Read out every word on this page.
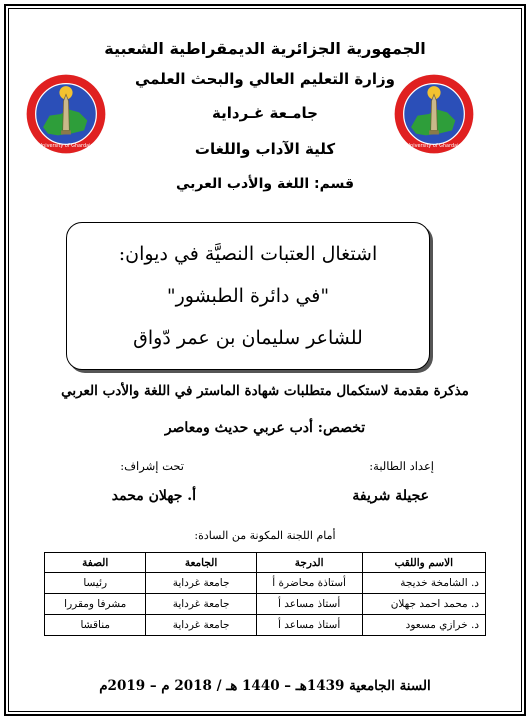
الجمهورية الجزائرية الديمقراطية الشعبية
وزارة التعليم العالي والبحث العلمي
جامـعة غـرداية
كلية الآداب واللغات
قسم: اللغة والأدب العربي
University of Ghardaia	University of Ghardaia
اشتغال العتبات النصيَّة في ديوان:
"في دائرة الطبشور"
للشاعر سليمان بن عمر دّواق
مذكرة مقدمة لاستكمال متطلبات شهادة الماستر في اللغة والأدب العربي
تخصص: أدب عربي حديث ومعاصر
إعداد الطالبة:
تحت إشراف:
عجيلة شريفة
أ. جهلان محمد
أمام اللجنة المكونة من السادة:
الاسم واللقب	الدرجة	الجامعة	الصفة
د. الشامخة خديجة	أستاذة محاضرة أ	جامعة غرداية	رئيسا
د. محمد احمد جهلان	أستاذ مساعد أ	جامعة غرداية	مشرفا ومقررا
د. خرازي مسعود	أستاذ مساعد أ	جامعة غرداية	مناقشا
السنة الجامعية 1439هـ – 1440 هـ / 2018 م – 2019م
